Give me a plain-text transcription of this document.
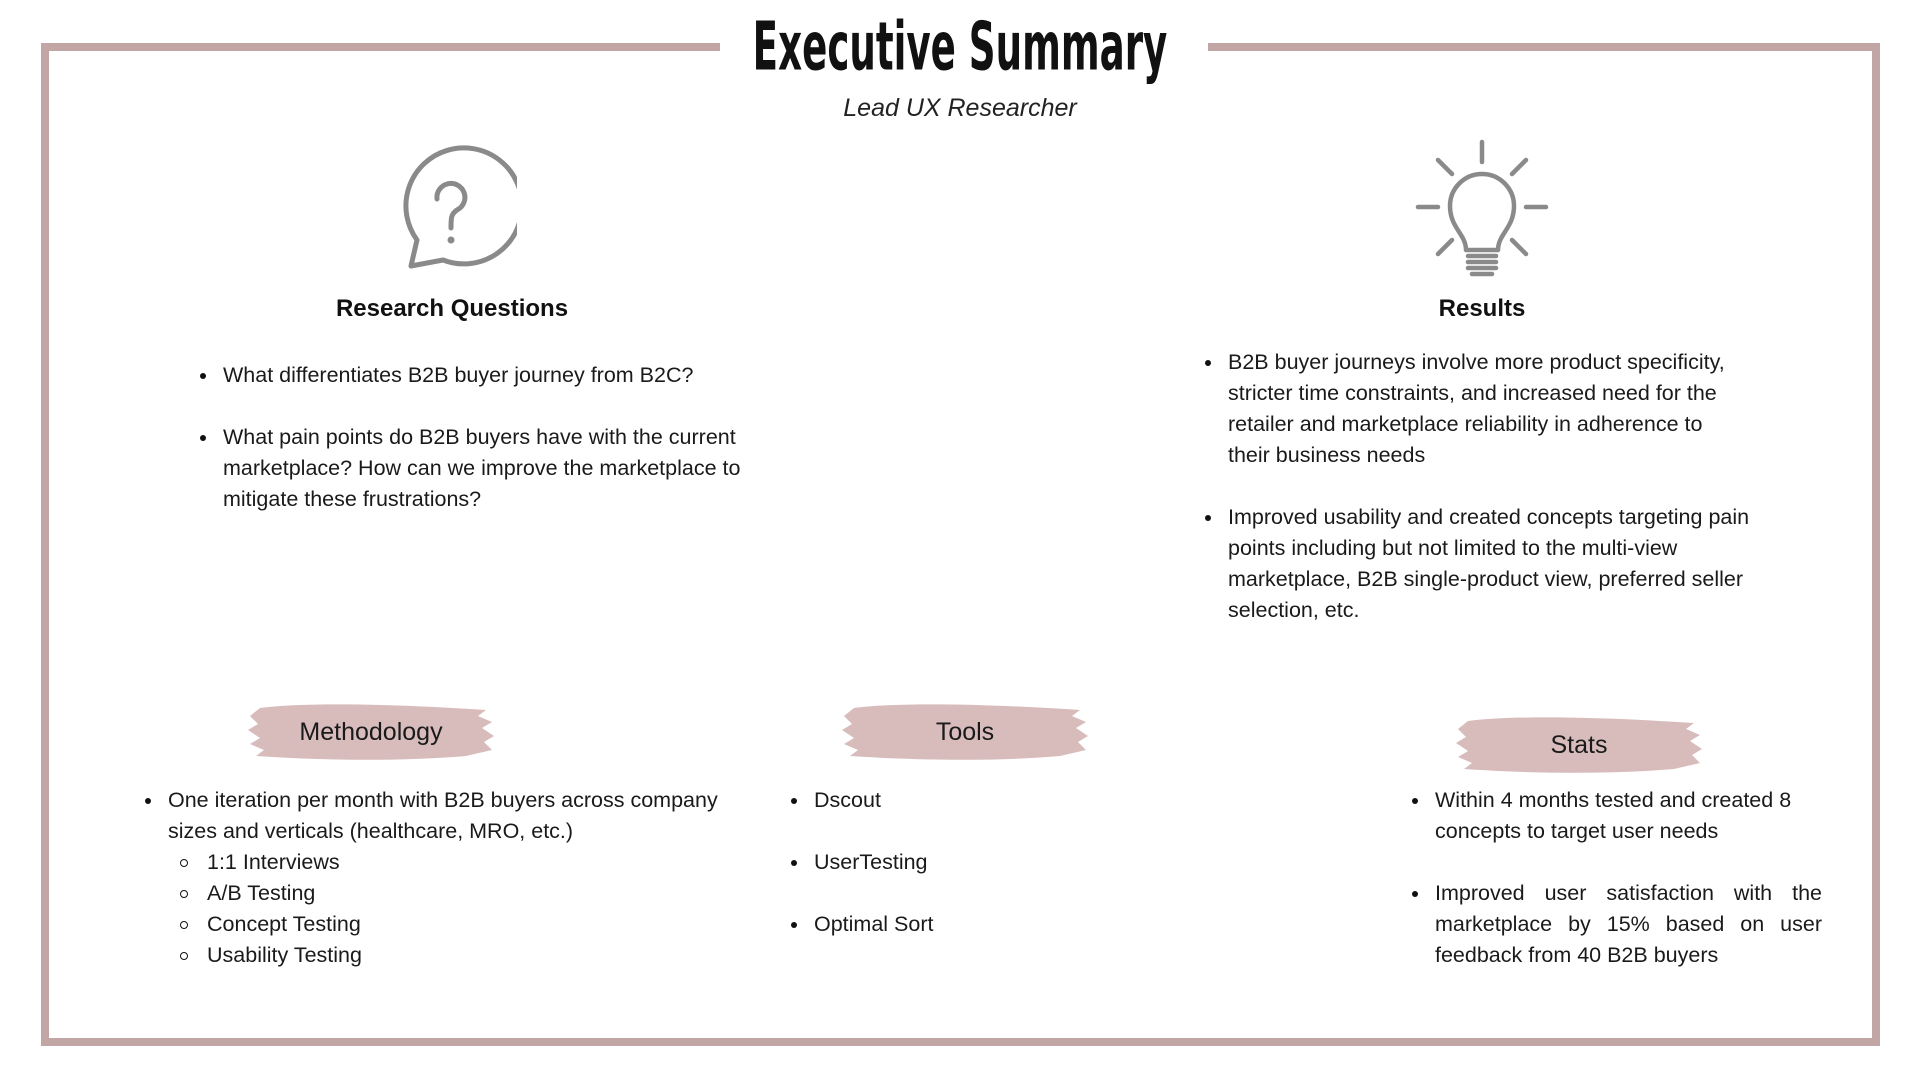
Executive Summary
Lead UX Researcher
Research Questions
What differentiates B2B buyer journey from B2C?
What pain points do B2B buyers have with the current marketplace? How can we improve the marketplace to mitigate these frustrations?
Results
B2B buyer journeys involve more product specificity, stricter time constraints, and increased need for the retailer and marketplace reliability in adherence to their business needs
Improved usability and created concepts targeting pain points including but not limited to the multi-view marketplace, B2B single-product view, preferred seller selection, etc.
Methodology
One iteration per month with B2B buyers across company sizes and verticals (healthcare, MRO, etc.)
1:1 Interviews
A/B Testing
Concept Testing
Usability Testing
Tools
Dscout
UserTesting
Optimal Sort
Stats
Within 4 months tested and created 8 concepts to target user needs
Improved user satisfaction with the marketplace by 15% based on user feedback from 40 B2B buyers
